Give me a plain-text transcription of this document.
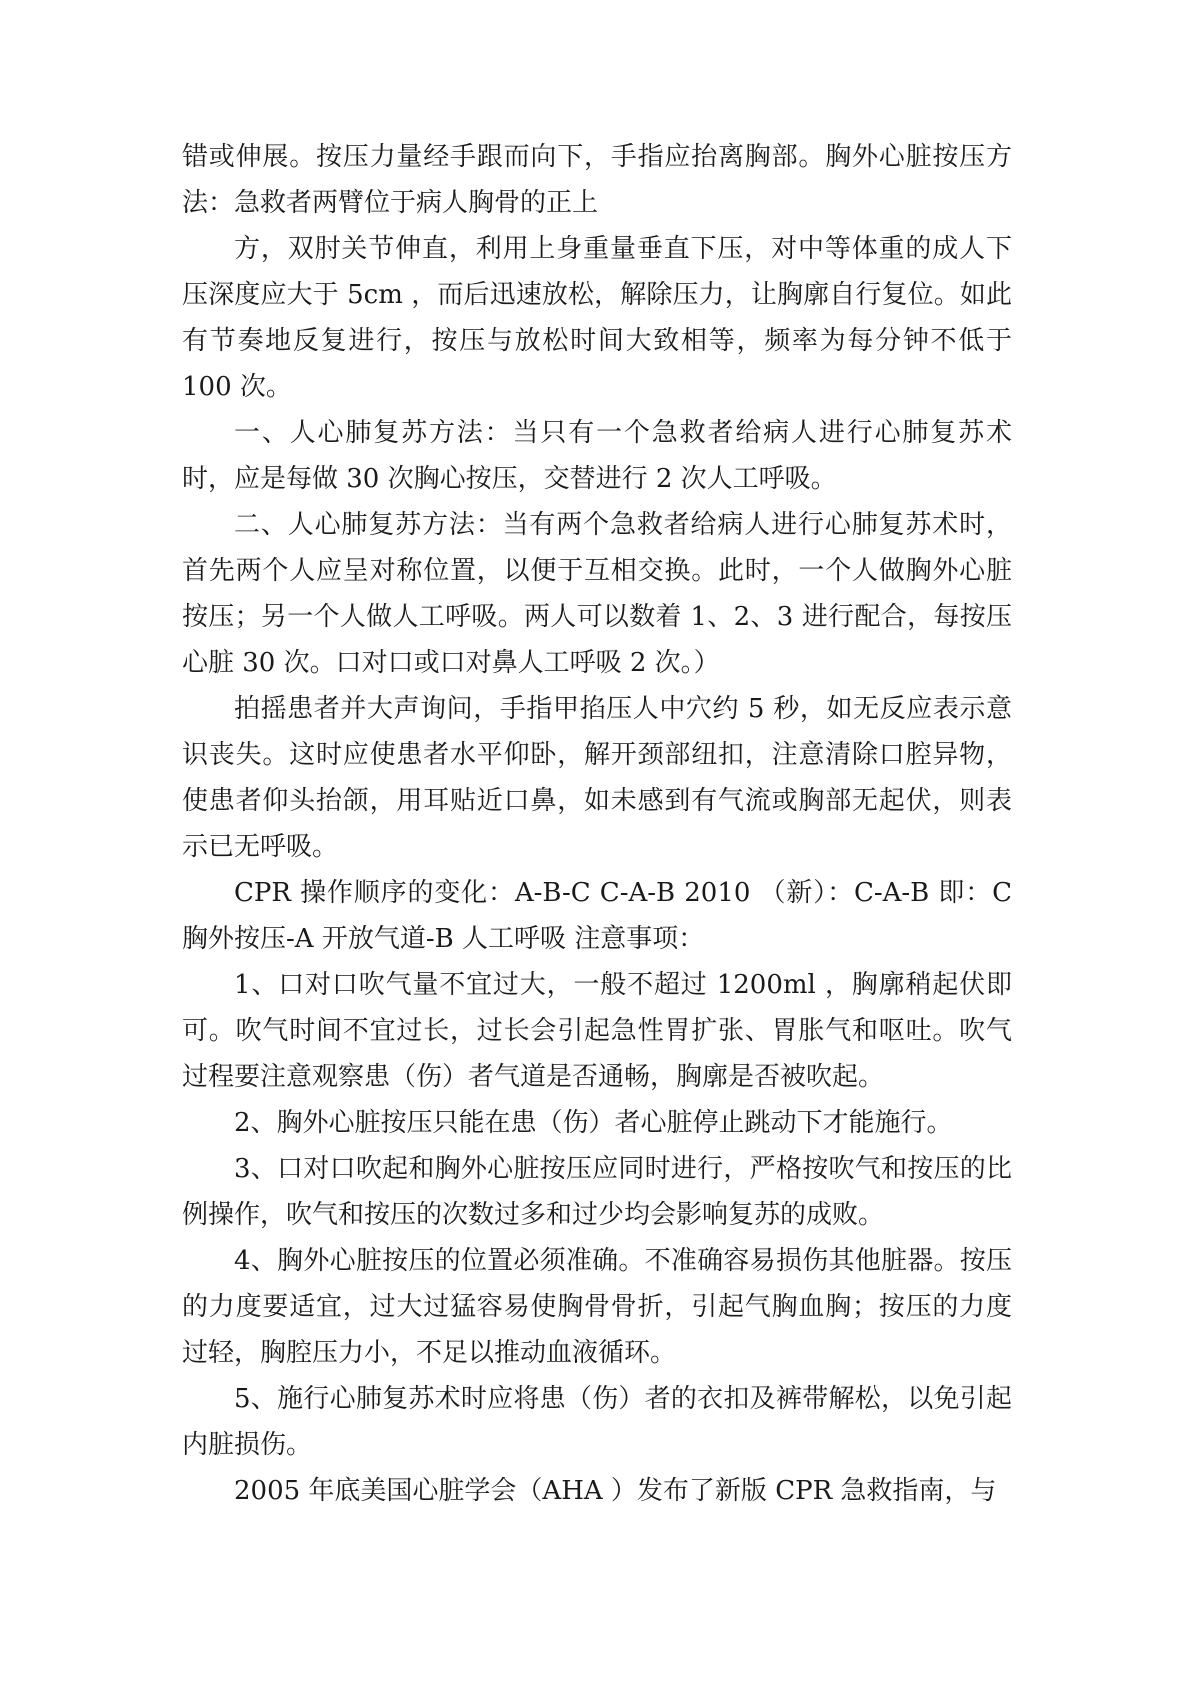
错或伸展。按压力量经手跟而向下，手指应抬离胸部。胸外心脏按压方法：急救者两臂位于病人胸骨的正上

方，双肘关节伸直，利用上身重量垂直下压，对中等体重的成人下压深度应大于 5cm ，而后迅速放松，解除压力，让胸廓自行复位。如此有节奏地反复进行，按压与放松时间大致相等，频率为每分钟不低于 100 次。

一、人心肺复苏方法：当只有一个急救者给病人进行心肺复苏术时，应是每做 30 次胸心按压，交替进行 2 次人工呼吸。

二、人心肺复苏方法：当有两个急救者给病人进行心肺复苏术时，首先两个人应呈对称位置，以便于互相交换。此时，一个人做胸外心脏按压；另一个人做人工呼吸。两人可以数着 1、2、3 进行配合，每按压心脏 30 次。口对口或口对鼻人工呼吸 2 次。）

拍摇患者并大声询问，手指甲掐压人中穴约 5 秒，如无反应表示意识丧失。这时应使患者水平仰卧，解开颈部纽扣，注意清除口腔异物，使患者仰头抬颌，用耳贴近口鼻，如未感到有气流或胸部无起伏，则表示已无呼吸。

CPR 操作顺序的变化：A-B-C C-A-B 2010 （新）：C-A-B 即：C 胸外按压-A 开放气道-B 人工呼吸 注意事项：

1、口对口吹气量不宜过大，一般不超过 1200ml ，胸廓稍起伏即可。吹气时间不宜过长，过长会引起急性胃扩张、胃胀气和呕吐。吹气过程要注意观察患（伤）者气道是否通畅，胸廓是否被吹起。

2、胸外心脏按压只能在患（伤）者心脏停止跳动下才能施行。

3、口对口吹起和胸外心脏按压应同时进行，严格按吹气和按压的比例操作，吹气和按压的次数过多和过少均会影响复苏的成败。

4、胸外心脏按压的位置必须准确。不准确容易损伤其他脏器。按压的力度要适宜，过大过猛容易使胸骨骨折，引起气胸血胸；按压的力度过轻，胸腔压力小，不足以推动血液循环。

5、施行心肺复苏术时应将患（伤）者的衣扣及裤带解松，以免引起内脏损伤。

2005 年底美国心脏学会（AHA ）发布了新版 CPR 急救指南，与
